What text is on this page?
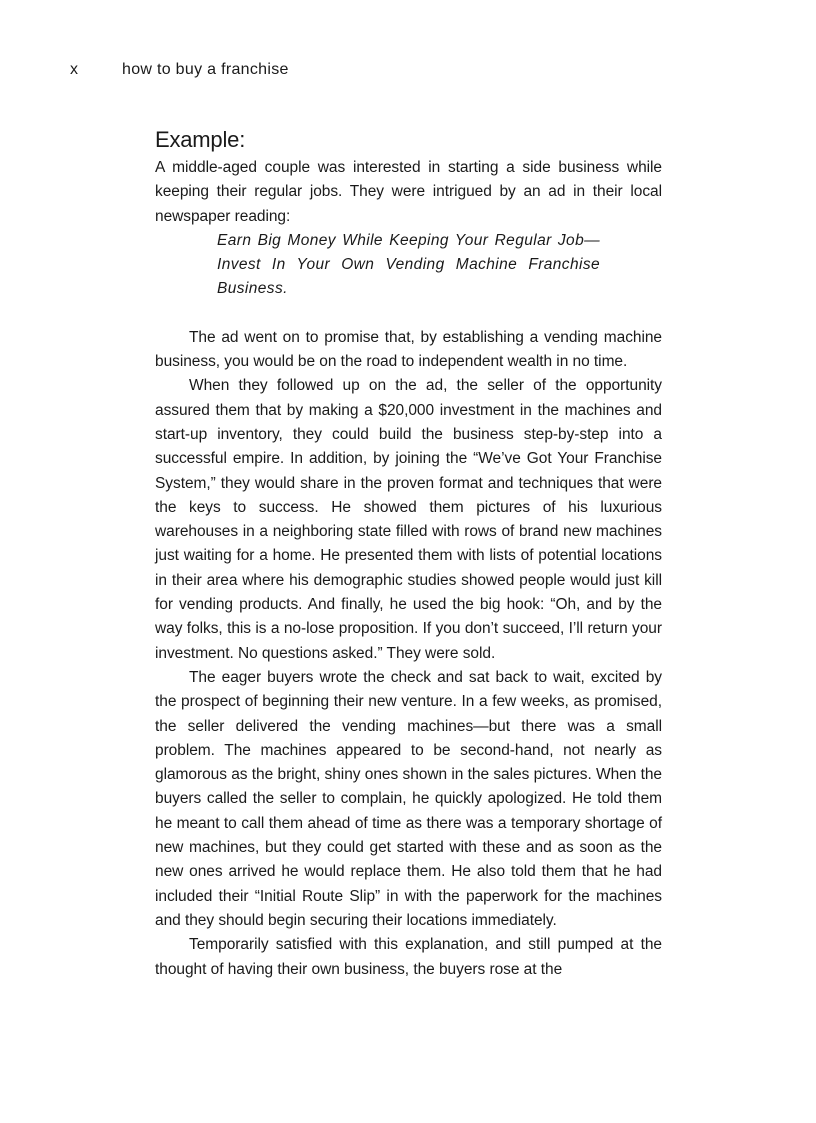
x	how to buy a franchise
Example:

A middle-aged couple was interested in starting a side business while keeping their regular jobs. They were intrigued by an ad in their local newspaper reading:

Earn Big Money While Keeping Your Regular Job—Invest In Your Own Vending Machine Franchise Business.

The ad went on to promise that, by establishing a vending machine business, you would be on the road to independent wealth in no time.

When they followed up on the ad, the seller of the opportunity assured them that by making a $20,000 investment in the machines and start-up inventory, they could build the business step-by-step into a successful empire. In addition, by joining the “We’ve Got Your Franchise System,” they would share in the proven format and techniques that were the keys to success. He showed them pictures of his luxurious warehouses in a neighboring state filled with rows of brand new machines just waiting for a home. He presented them with lists of potential locations in their area where his demographic studies showed people would just kill for vending products. And finally, he used the big hook: “Oh, and by the way folks, this is a no-lose proposition. If you don’t succeed, I’ll return your investment. No questions asked.” They were sold.

The eager buyers wrote the check and sat back to wait, excited by the prospect of beginning their new venture. In a few weeks, as promised, the seller delivered the vending machines—but there was a small problem. The machines appeared to be second-hand, not nearly as glamorous as the bright, shiny ones shown in the sales pictures. When the buyers called the seller to complain, he quickly apologized. He told them he meant to call them ahead of time as there was a temporary shortage of new machines, but they could get started with these and as soon as the new ones arrived he would replace them. He also told them that he had included their “Initial Route Slip” in with the paperwork for the machines and they should begin securing their locations immediately.

Temporarily satisfied with this explanation, and still pumped at the thought of having their own business, the buyers rose at the
